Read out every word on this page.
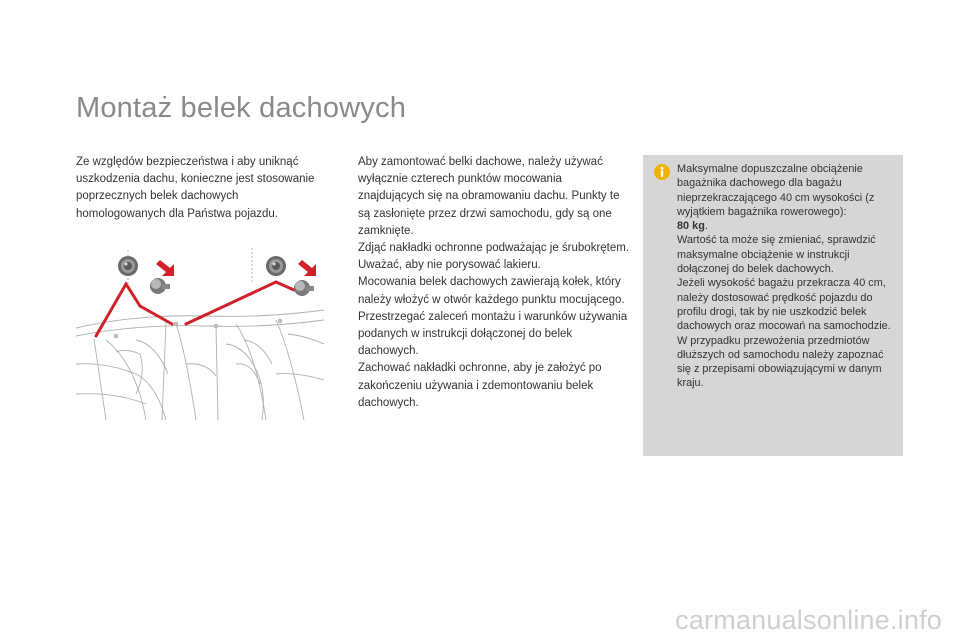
Montaż belek dachowych
Ze względów bezpieczeństwa i aby uniknąć uszkodzenia dachu, konieczne jest stosowanie poprzecznych belek dachowych homologowanych dla Państwa pojazdu.

Aby zamontować belki dachowe, należy używać wyłącznie czterech punktów mocowania znajdujących się na obramowaniu dachu. Punkty te są zasłonięte przez drzwi samochodu, gdy są one zamknięte.

Zdjąć nakładki ochronne podważając je śrubokrętem. Uważać, aby nie porysować lakieru.

Mocowania belek dachowych zawierają kołek, który należy włożyć w otwór każdego punktu mocującego.

Przestrzegać zaleceń montażu i warunków używania podanych w instrukcji dołączonej do belek dachowych.

Zachować nakładki ochronne, aby je założyć po zakończeniu używania i zdemontowaniu belek dachowych.

Maksymalne dopuszczalne obciążenie bagażnika dachowego dla bagażu nieprzekraczającego 40 cm wysokości (z wyjątkiem bagażnika rowerowego):
80 kg.

Wartość ta może się zmieniać, sprawdzić maksymalne obciążenie w instrukcji dołączonej do belek dachowych.

Jeżeli wysokość bagażu przekracza 40 cm, należy dostosować prędkość pojazdu do profilu drogi, tak by nie uszkodzić belek dachowych oraz mocowań na samochodzie.

W przypadku przewożenia przedmiotów dłuższych od samochodu należy zapoznać się z przepisami obowiązującymi w danym kraju.

carmanualsonline.info
